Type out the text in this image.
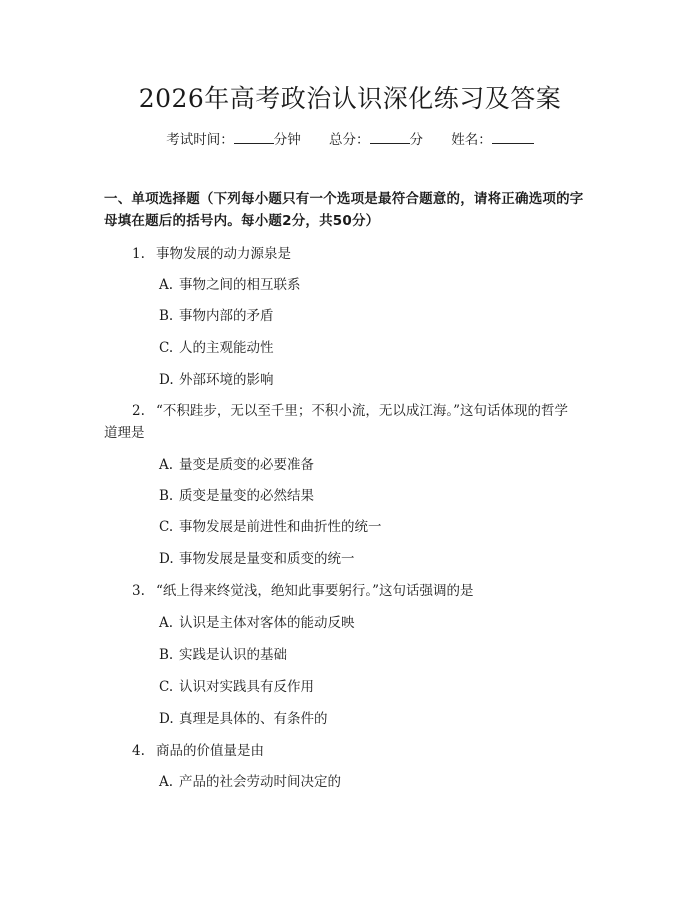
2026年高考政治认识深化练习及答案
考试时间：	分钟 总分：	分 姓名：
一、单项选择题（下列每小题只有一个选项是最符合题意的，请将正确选项的字
母填在题后的括号内。每小题2分，共50分）
1. 事物发展的动力源泉是
A. 事物之间的相互联系
B. 事物内部的矛盾
C. 人的主观能动性
D. 外部环境的影响
2. “不积跬步，无以至千里；不积小流，无以成江海。”这句话体现的哲学
道理是
A. 量变是质变的必要准备
B. 质变是量变的必然结果
C. 事物发展是前进性和曲折性的统一
D. 事物发展是量变和质变的统一
3. “纸上得来终觉浅，绝知此事要躬行。”这句话强调的是
A. 认识是主体对客体的能动反映
B. 实践是认识的基础
C. 认识对实践具有反作用
D. 真理是具体的、有条件的
4. 商品的价值量是由
A. 产品的社会劳动时间决定的
